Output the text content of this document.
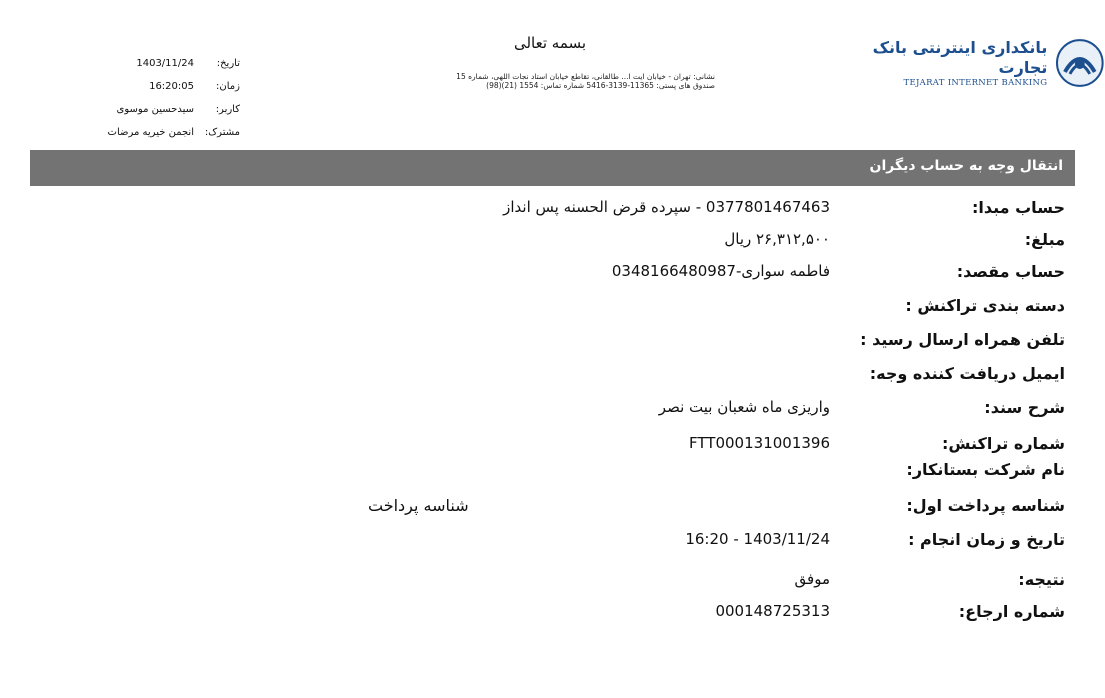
بانکداری اینترنتی بانک تجارت
TEJARAT INTERNET BANKING
بسمه تعالی
نشانی: تهران - خیابان ایت ا... طالقانی، تقاطع خیابان استاد نجات اللهی، شماره 15
صندوق های پستی: 11365-3139-5416 شماره تماس: 1554 (21)(98)
تاریخ:
1403/11/24
زمان:
16:20:05
کاربر:
سیدحسین موسوی
مشترک:
انجمن خیریه مرضات
انتقال وجه به حساب دیگران
حساب مبدا:
0377801467463 - سپرده قرض الحسنه پس انداز
مبلغ:
۲۶,۳۱۲,۵۰۰ ریال
حساب مقصد:
فاطمه سواری-0348166480987
دسته بندی تراکنش :
تلفن همراه ارسال رسید :
ایمیل دریافت کننده وجه:
شرح سند:
واریزی ماه شعبان بیت نصر
شماره تراکنش:
FTT000131001396
نام شرکت بستانکار:
شناسه پرداخت اول:
شناسه پرداخت
تاریخ و زمان انجام :
1403/11/24 - 16:20
نتیجه:
موفق
شماره ارجاع:
000148725313
